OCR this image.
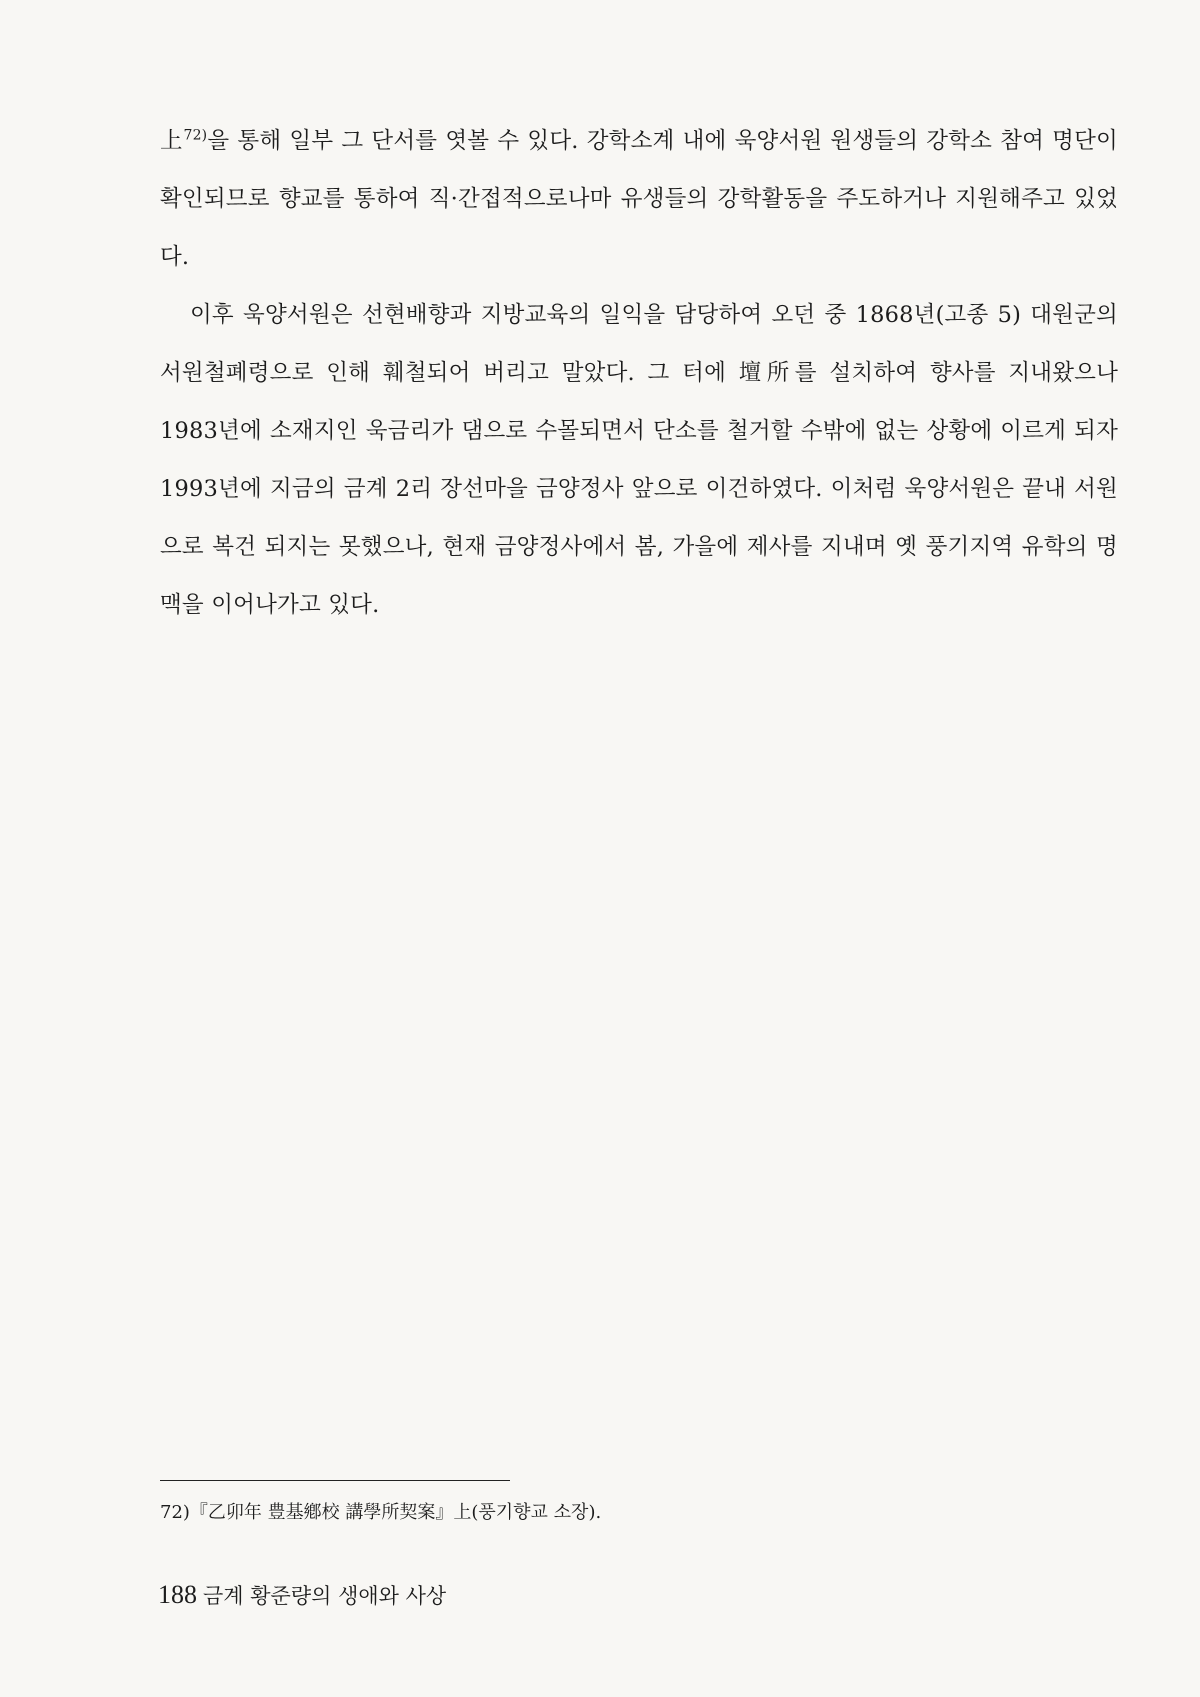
上$^{72)}$을 통해 일부 그 단서를 엿볼 수 있다. 강학소계 내에 욱양서원 원생들의 강학소 참여 명단이 확인되므로 향교를 통하여 직·간접적으로나마 유생들의 강학활동을 주도하거나 지원해주고 있었다.

이후 욱양서원은 선현배향과 지방교육의 일익을 담당하여 오던 중 1868년(고종 5) 대원군의 서원철폐령으로 인해 훼철되어 버리고 말았다. 그 터에 壇所를 설치하여 향사를 지내왔으나 1983년에 소재지인 욱금리가 댐으로 수몰되면서 단소를 철거할 수밖에 없는 상황에 이르게 되자 1993년에 지금의 금계 2리 장선마을 금양정사 앞으로 이건하였다. 이처럼 욱양서원은 끝내 서원으로 복건 되지는 못했으나, 현재 금양정사에서 봄, 가을에 제사를 지내며 옛 풍기지역 유학의 명맥을 이어나가고 있다.

72)『乙卯年 豊基鄕校 講學所契案』上(풍기향교 소장).
188 금계 황준량의 생애와 사상
